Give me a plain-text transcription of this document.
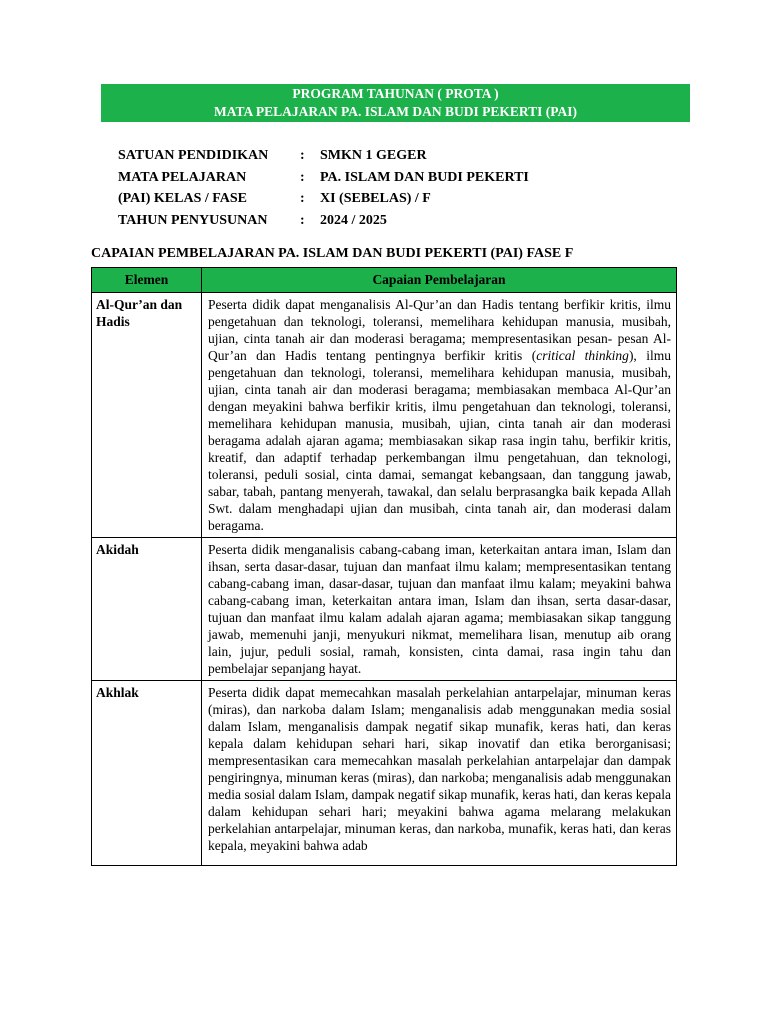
PROGRAM TAHUNAN ( PROTA )
MATA PELAJARAN PA. ISLAM DAN BUDI PEKERTI (PAI)
SATUAN PENDIDIKAN	:	SMKN 1 GEGER
MATA PELAJARAN	:	PA. ISLAM DAN BUDI PEKERTI
(PAI) KELAS / FASE	:	XI (SEBELAS) / F
TAHUN PENYUSUNAN	:	2024 / 2025
CAPAIAN PEMBELAJARAN PA. ISLAM DAN BUDI PEKERTI (PAI) FASE F
Elemen	Capaian Pembelajaran
Al-Qur’an dan Hadis	Peserta didik dapat menganalisis Al-Qur’an dan Hadis tentang berfikir kritis, ilmu pengetahuan dan teknologi, toleransi, memelihara kehidupan manusia, musibah, ujian, cinta tanah air dan moderasi beragama; mempresentasikan pesan- pesan Al-Qur’an dan Hadis tentang pentingnya berfikir kritis (critical thinking), ilmu pengetahuan dan teknologi, toleransi, memelihara kehidupan manusia, musibah, ujian, cinta tanah air dan moderasi beragama; membiasakan membaca Al-Qur’an dengan meyakini bahwa berfikir kritis, ilmu pengetahuan dan teknologi, toleransi, memelihara kehidupan manusia, musibah, ujian, cinta tanah air dan moderasi beragama adalah ajaran agama; membiasakan sikap rasa ingin tahu, berfikir kritis, kreatif, dan adaptif terhadap perkembangan ilmu pengetahuan, dan teknologi, toleransi, peduli sosial, cinta damai, semangat kebangsaan, dan tanggung jawab, sabar, tabah, pantang menyerah, tawakal, dan selalu berprasangka baik kepada Allah Swt. dalam menghadapi ujian dan musibah, cinta tanah air, dan moderasi dalam beragama.
Akidah	Peserta didik menganalisis cabang-cabang iman, keterkaitan antara iman, Islam dan ihsan, serta dasar-dasar, tujuan dan manfaat ilmu kalam; mempresentasikan tentang cabang-cabang iman, dasar-dasar, tujuan dan manfaat ilmu kalam; meyakini bahwa cabang-cabang iman, keterkaitan antara iman, Islam dan ihsan, serta dasar-dasar, tujuan dan manfaat ilmu kalam adalah ajaran agama; membiasakan sikap tanggung jawab, memenuhi janji, menyukuri nikmat, memelihara lisan, menutup aib orang lain, jujur, peduli sosial, ramah, konsisten, cinta damai, rasa ingin tahu dan pembelajar sepanjang hayat.
Akhlak	Peserta didik dapat memecahkan masalah perkelahian antarpelajar, minuman keras (miras), dan narkoba dalam Islam; menganalisis adab menggunakan media sosial dalam Islam, menganalisis dampak negatif sikap munafik, keras hati, dan keras kepala dalam kehidupan sehari hari, sikap inovatif dan etika berorganisasi; mempresentasikan cara memecahkan masalah perkelahian antarpelajar dan dampak pengiringnya, minuman keras (miras), dan narkoba; menganalisis adab menggunakan media sosial dalam Islam, dampak negatif sikap munafik, keras hati, dan keras kepala dalam kehidupan sehari hari; meyakini bahwa agama melarang melakukan perkelahian antarpelajar, minuman keras, dan narkoba, munafik, keras hati, dan keras kepala, meyakini bahwa adab
